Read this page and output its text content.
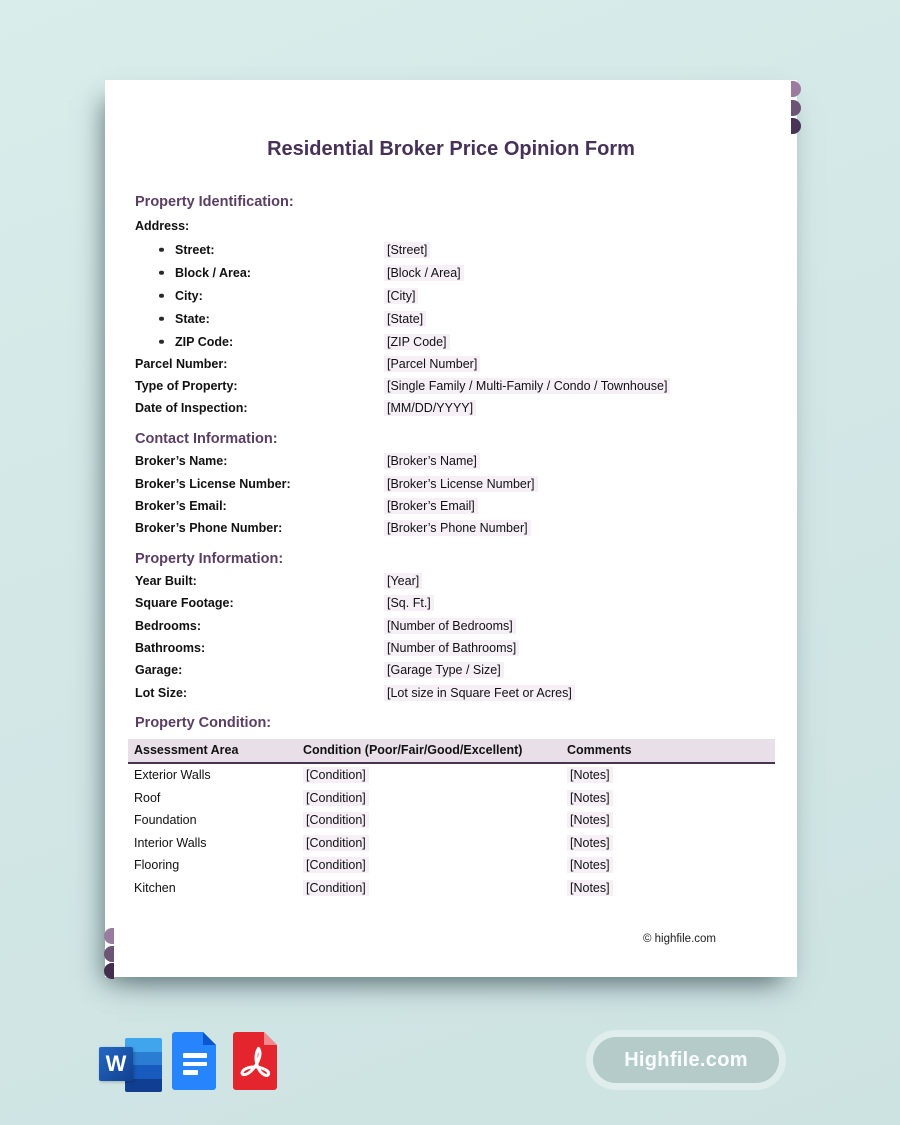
Residential Broker Price Opinion Form
Property Identification:
Address:
Street:	[Street]
Block / Area:	[Block / Area]
City:	[City]
State:	[State]
ZIP Code:	[ZIP Code]
Parcel Number:	[Parcel Number]
Type of Property:	[Single Family / Multi-Family / Condo / Townhouse]
Date of Inspection:	[MM/DD/YYYY]
Contact Information:
Broker’s Name:	[Broker’s Name]
Broker’s License Number:	[Broker’s License Number]
Broker’s Email:	[Broker’s Email]
Broker’s Phone Number:	[Broker’s Phone Number]
Property Information:
Year Built:	[Year]
Square Footage:	[Sq. Ft.]
Bedrooms:	[Number of Bedrooms]
Bathrooms:	[Number of Bathrooms]
Garage:	[Garage Type / Size]
Lot Size:	[Lot size in Square Feet or Acres]
Property Condition:
Assessment Area	Condition (Poor/Fair/Good/Excellent)	Comments
Exterior Walls	[Condition]	[Notes]
Roof	[Condition]	[Notes]
Foundation	[Condition]	[Notes]
Interior Walls	[Condition]	[Notes]
Flooring	[Condition]	[Notes]
Kitchen	[Condition]	[Notes]
© highfile.com
W	Highfile.com
